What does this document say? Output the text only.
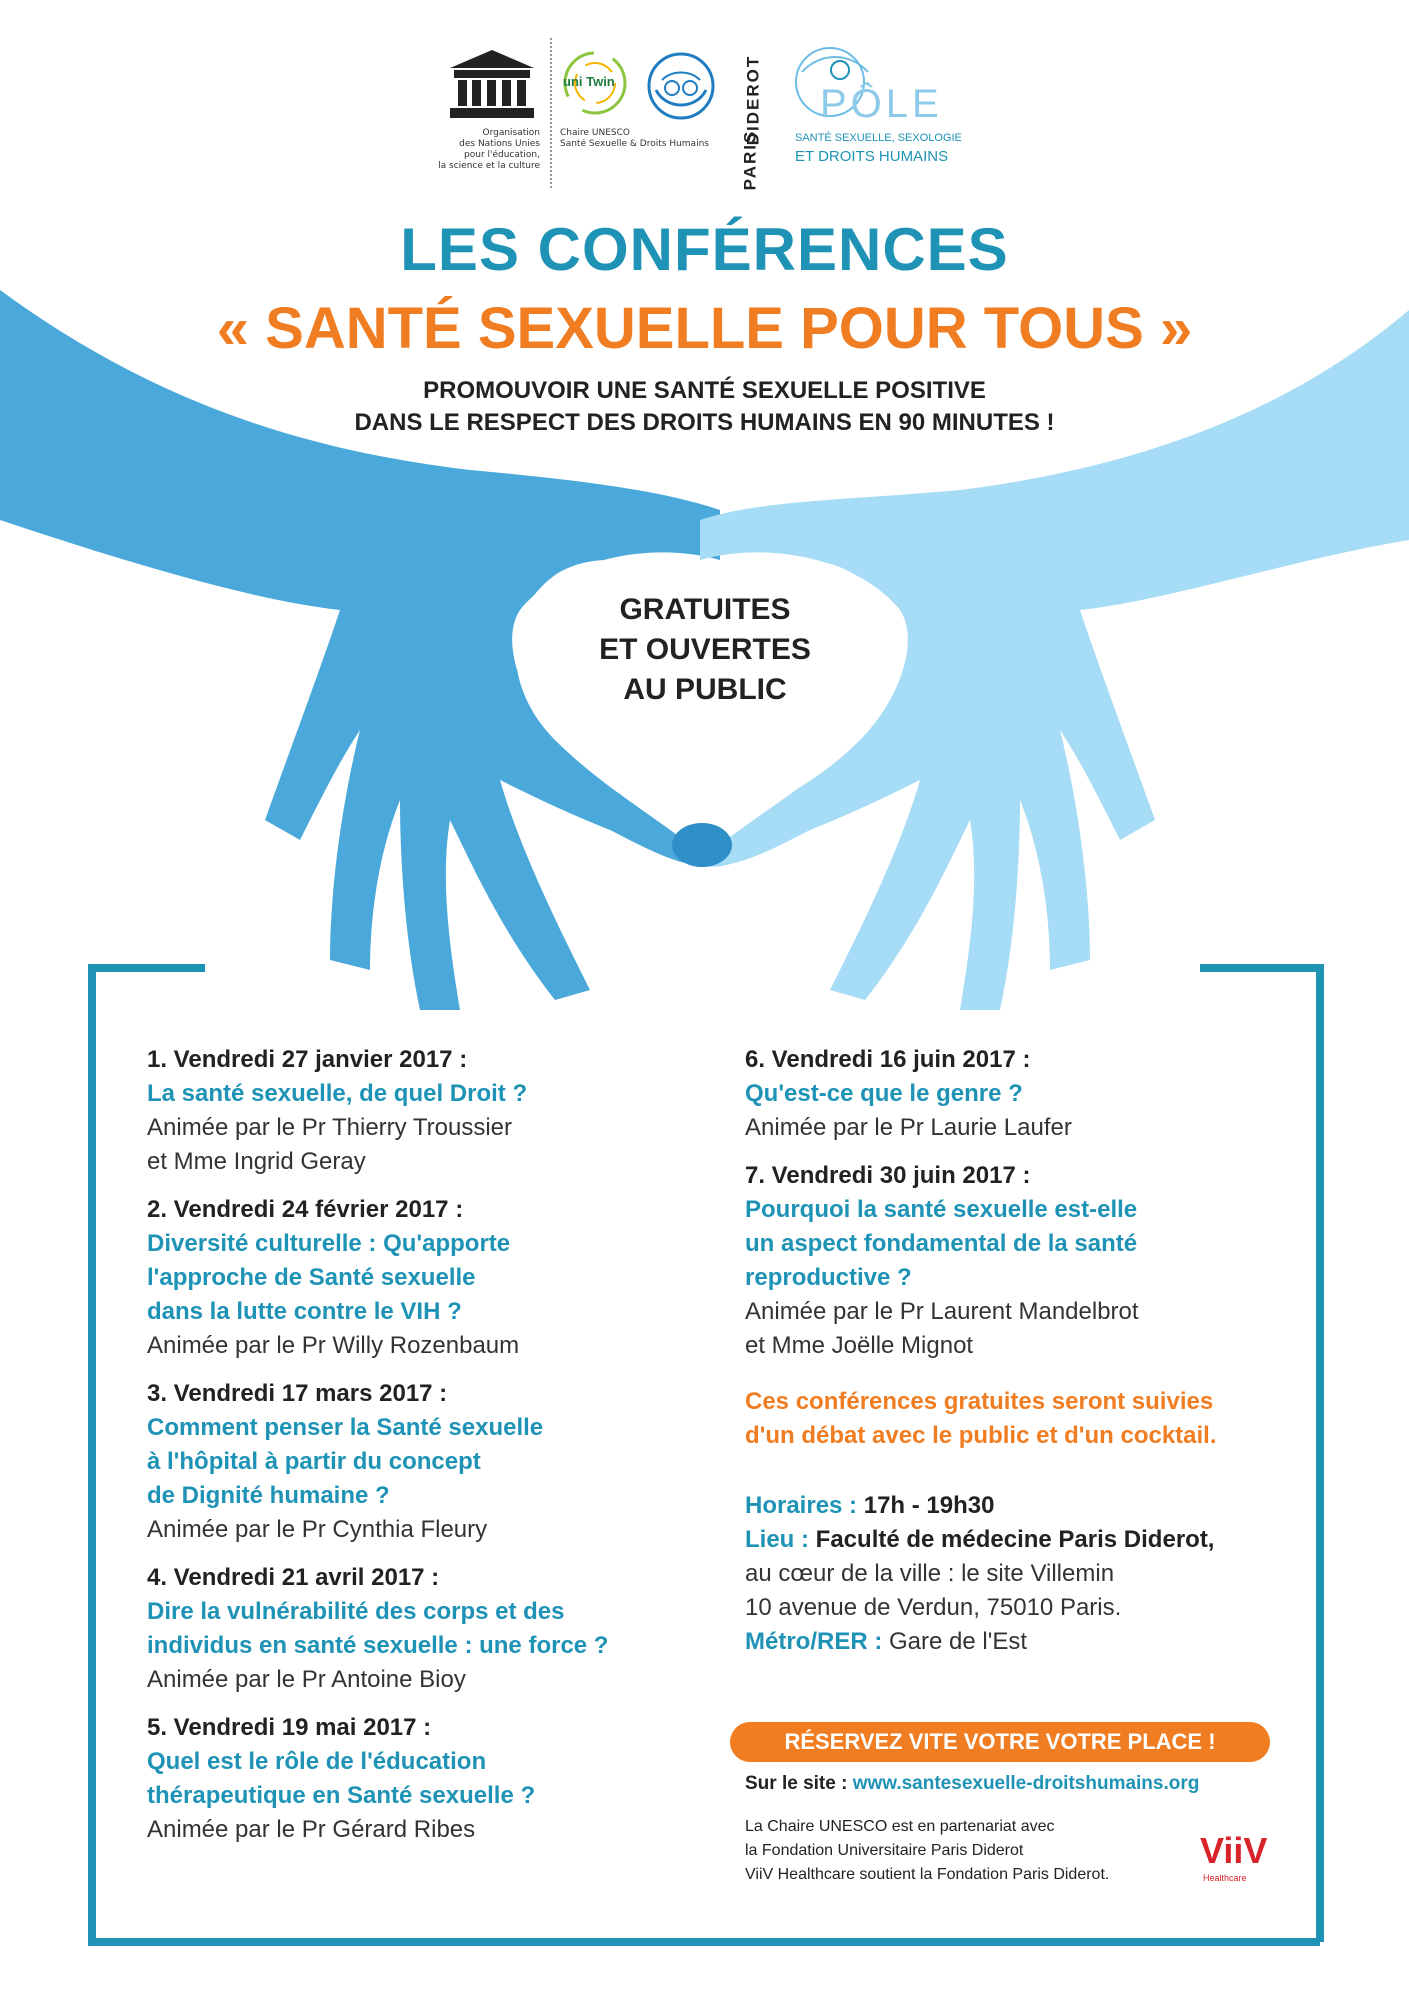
Organisation
des Nations Unies
pour l'éducation,
la science et la culture
uni Twin
Chaire UNESCO
Santé Sexuelle & Droits Humains	PARIS
DIDEROT PÔLE
SANTÉ SEXUELLE, SEXOLOGIE
ET DROITS HUMAINS
LES CONFÉRENCES
« SANTÉ SEXUELLE POUR TOUS »
PROMOUVOIR UNE SANTÉ SEXUELLE POSITIVE
DANS LE RESPECT DES DROITS HUMAINS EN 90 MINUTES !
GRATUITES
ET OUVERTES
AU PUBLIC
1. Vendredi 27 janvier 2017 :
La santé sexuelle, de quel Droit ?
Animée par le Pr Thierry Troussier
et Mme Ingrid Geray
2. Vendredi 24 février 2017 :
Diversité culturelle : Qu'apporte
l'approche de Santé sexuelle
dans la lutte contre le VIH ?
Animée par le Pr Willy Rozenbaum
3. Vendredi 17 mars 2017 :
Comment penser la Santé sexuelle
à l'hôpital à partir du concept
de Dignité humaine ?
Animée par le Pr Cynthia Fleury
4. Vendredi 21 avril 2017 :
Dire la vulnérabilité des corps et des
individus en santé sexuelle : une force ?
Animée par le Pr Antoine Bioy
5. Vendredi 19 mai 2017 :
Quel est le rôle de l'éducation
thérapeutique en Santé sexuelle ?
Animée par le Pr Gérard Ribes
6. Vendredi 16 juin 2017 :
Qu'est-ce que le genre ?
Animée par le Pr Laurie Laufer
7. Vendredi 30 juin 2017 :
Pourquoi la santé sexuelle est-elle
un aspect fondamental de la santé
reproductive ?
Animée par le Pr Laurent Mandelbrot
et Mme Joëlle Mignot
Ces conférences gratuites seront suivies
d'un débat avec le public et d'un cocktail.
Horaires : 17h - 19h30
Lieu : Faculté de médecine Paris Diderot,
au cœur de la ville : le site Villemin
10 avenue de Verdun, 75010 Paris.
Métro/RER : Gare de l'Est
RÉSERVEZ VITE VOTRE VOTRE PLACE !
Sur le site : www.santesexuelle-droitshumains.org
La Chaire UNESCO est en partenariat avec
la Fondation Universitaire Paris Diderot
ViiV Healthcare soutient la Fondation Paris Diderot.
ViiV
Healthcare
